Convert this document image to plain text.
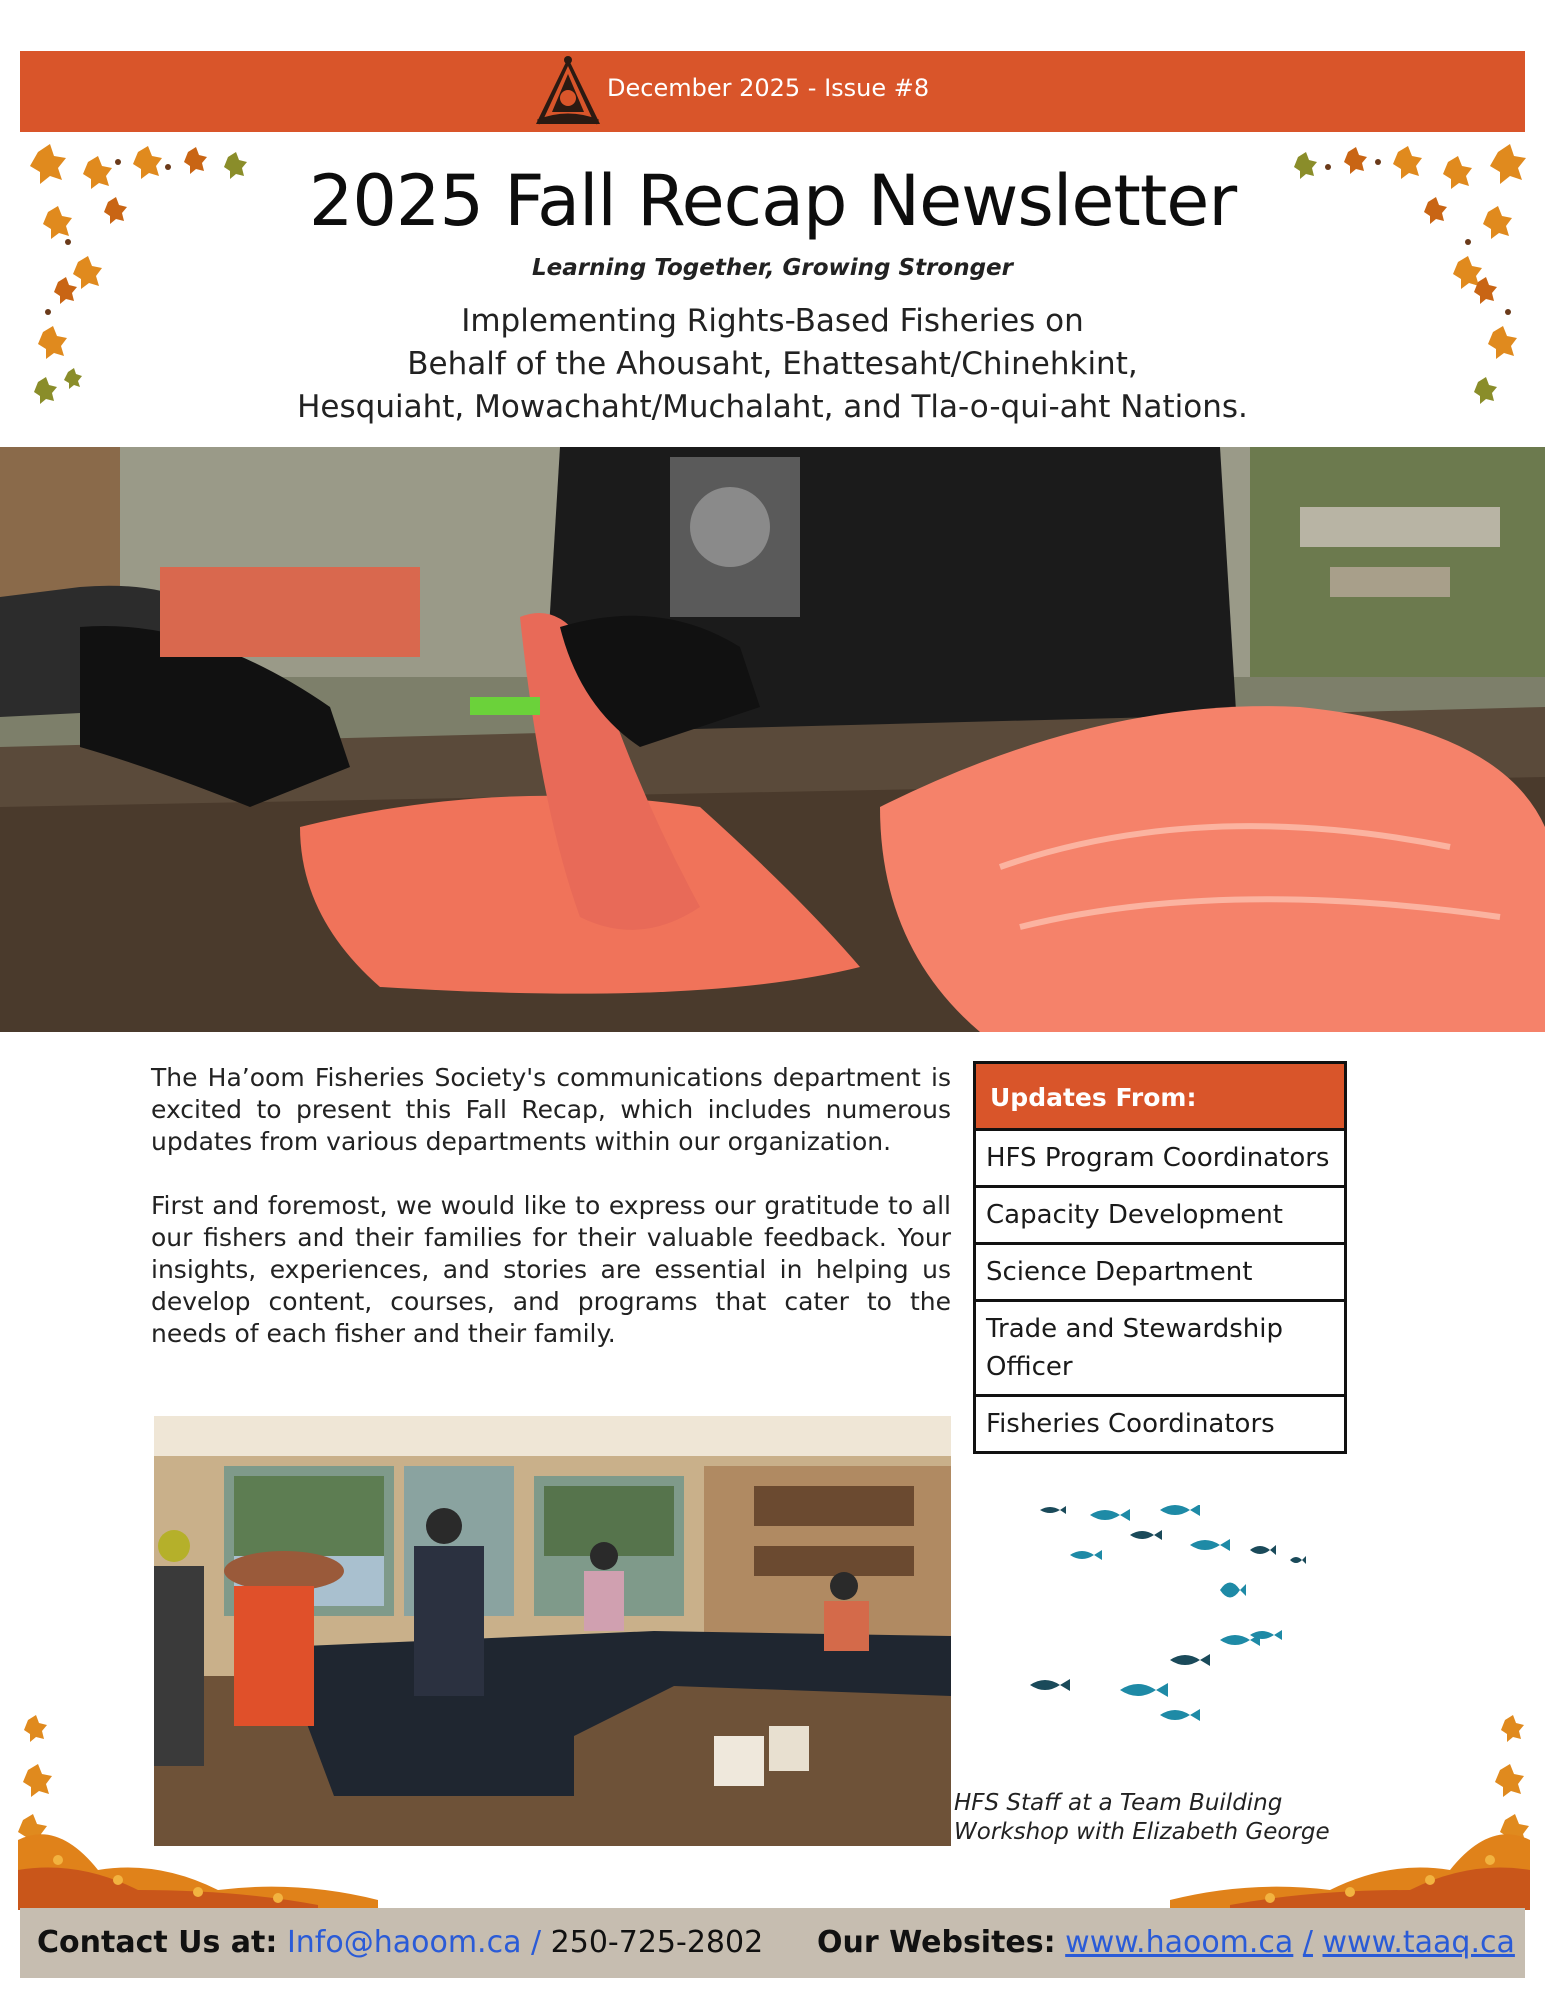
December 2025 - Issue #8
2025 Fall Recap Newsletter
Learning Together, Growing Stronger
Implementing Rights-Based Fisheries on
Behalf of the Ahousaht, Ehattesaht/Chinehkint,
Hesquiaht, Mowachaht/Muchalaht, and Tla-o-qui-aht Nations.

The Ha’oom Fisheries Society's communications department is excited to present this Fall Recap, which includes numerous updates from various departments within our organization.

First and foremost, we would like to express our gratitude to all our fishers and their families for their valuable feedback. Your insights, experiences, and stories are essential in helping us develop content, courses, and programs that cater to the needs of each fisher and their family.

Updates From:
HFS Program Coordinators
Capacity Development
Science Department
Trade and Stewardship Officer
Fisheries Coordinators
HFS Staff at a Team Building
Workshop with Elizabeth George
Contact Us at: Info@haoom.ca / 250-725-2802 Our Websites: www.haoom.ca / www.taaq.ca
